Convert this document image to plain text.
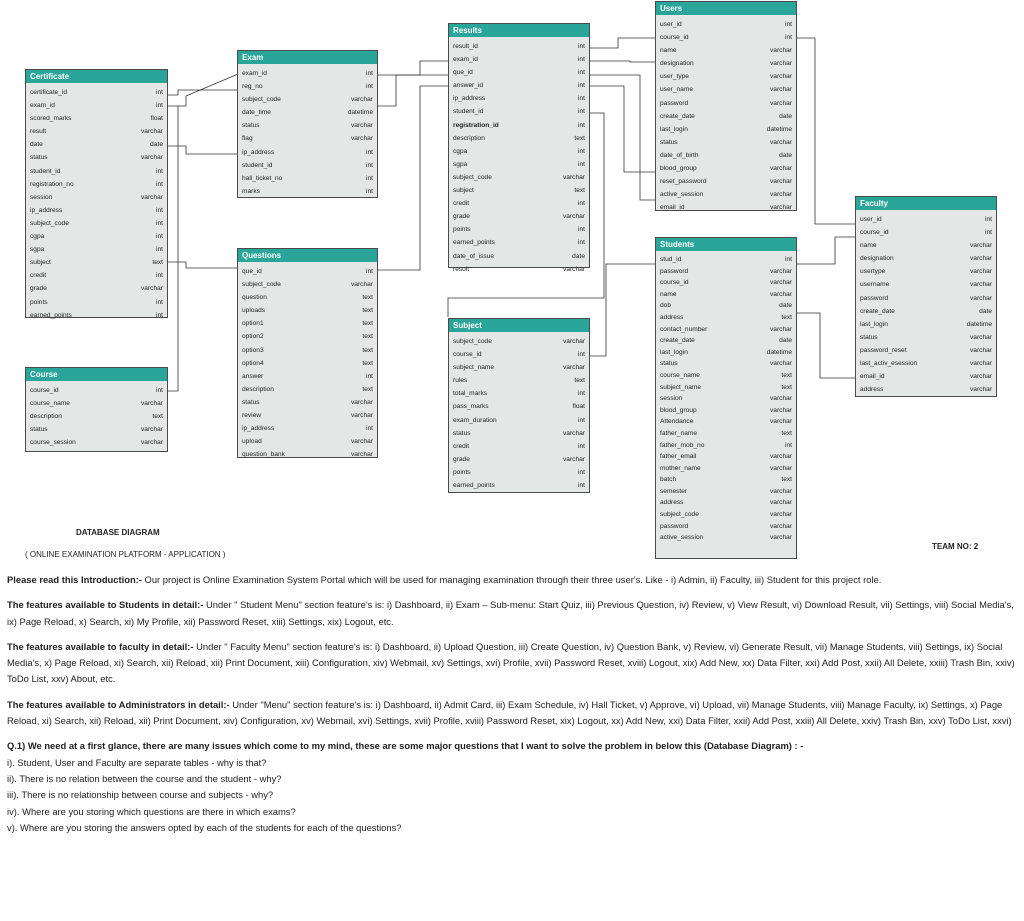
Certificate
certificate_id	int
exam_id	int
scored_marks	float
result	varchar
date	date
status	varchar
student_id	int
registration_no	int
session	varchar
ip_address	int
subject_code	int
cgpa	int
sgpa	int
subject	text
credit	int
grade	varchar
points	int
earned_points	int
Course
course_id	int
course_name	varchar
description	text
status	varchar
course_session	varchar
Exam
exam_id	int
reg_no	int
subject_code	varchar
date_time	datetime
status	varchar
flag	varchar
ip_address	int
student_id	int
hall_ticket_no	int
marks	int
Questions
que_id	int
subject_code	varchar
question	text
uploads	text
option1	text
option2	text
option3	text
option4	text
answer	int
description	text
status	varchar
review	varchar
ip_address	int
upload	varchar
question_bank	varchar
Results
result_id	int
exam_id	int
que_id	int
answer_id	int
ip_address	int
student_id	int
registration_id	int
description	text
cgpa	int
sgpa	int
subject_code	varchar
subject	text
credit	int
grade	varchar
points	int
earned_points	int
date_of_issue	date
result	varchar
Subject
subject_code	varchar
course_id	int
subject_name	varchar
rules	text
total_marks	int
pass_marks	float
exam_duration	int
status	varchar
credit	int
grade	varchar
points	int
earned_points	int
Users
user_id	int
course_id	int
name	varchar
designation	varchar
user_type	varchar
user_name	varchar
password	varchar
create_date	date
last_login	datetime
status	varchar
date_of_birth	date
blood_group	varchar
reset_password	varchar
active_session	varchar
email_id	varchar
Students
stud_id	int
password	varchar
course_id	varchar
name	varchar
dob	date
address	text
contact_number	varchar
create_date	date
last_login	datetime
status	varchar
course_name	text
subject_name	text
session	varchar
blood_group	varchar
Attendance	varchar
father_name	text
father_mob_no	int
father_email	varchar
mother_name	varchar
batch	text
semester	varchar
address	varchar
subject_code	varchar
password	varchar
active_session	varchar
Faculty
user_id	int
course_id	int
name	varchar
designation	varchar
usertype	varchar
username	varchar
password	varchar
create_date	date
last_login	datetime
status	varchar
password_reset	varchar
last_activ_esession	varchar
email_id	varchar
address	varchar
DATABASE DIAGRAM
( ONLINE EXAMINATION PLATFORM - APPLICATION )
TEAM NO: 2

Please read this Introduction:- Our project is Online Examination System Portal which will be used for managing examination through their three user's. Like - i) Admin, ii) Faculty, iii) Student for this project role.

The features available to Students in detail:- Under " Student Menu" section feature's is: i) Dashboard, ii) Exam – Sub-menu: Start Quiz, iii) Previous Question, iv) Review, v) View Result, vi) Download Result, vii) Settings, viii) Social Media's, ix) Page Reload, x) Search, xi) My Profile, xii) Password Reset, xiii) Settings, xix) Logout, etc.

The features available to faculty in detail:- Under " Faculty Menu" section feature's is: i) Dashboard, ii) Upload Question, iii) Create Question, iv) Question Bank, v) Review, vi) Generate Result, vii) Manage Students, viii) Settings, ix) Social Media's, x) Page Reload, xi) Search, xii) Reload, xii) Print Document, xiii) Configuration, xiv) Webmail, xv) Settings, xvi) Profile, xvii) Password Reset, xviii) Logout, xix) Add New, xx) Data Filter, xxi) Add Post, xxii) All Delete, xxiii) Trash Bin, xxiv) ToDo List, xxv) About, etc.

The features available to Administrators in detail:- Under "Menu" section feature's is: i) Dashboard, ii) Admit Card, iii) Exam Schedule, iv) Hall Ticket, v) Approve, vi) Upload, vii) Manage Students, viii) Manage Faculty, ix) Settings, x) Page Reload, xi) Search, xii) Reload, xii) Print Document, xiv) Configuration, xv) Webmail, xvi) Settings, xvii) Profile, xviii) Password Reset, xix) Logout, xx) Add New, xxi) Data Filter, xxii) Add Post, xxiii) All Delete, xxiv) Trash Bin, xxv) ToDo List, xxvi)

Q.1) We need at a first glance, there are many issues which come to my mind, these are some major questions that I want to solve the problem in below this (Database Diagram) : -

i). Student, User and Faculty are separate tables - why is that?
ii). There is no relation between the course and the student - why?
iii). There is no relationship between course and subjects - why?
iv). Where are you storing which questions are there in which exams?
v). Where are you storing the answers opted by each of the students for each of the questions?
